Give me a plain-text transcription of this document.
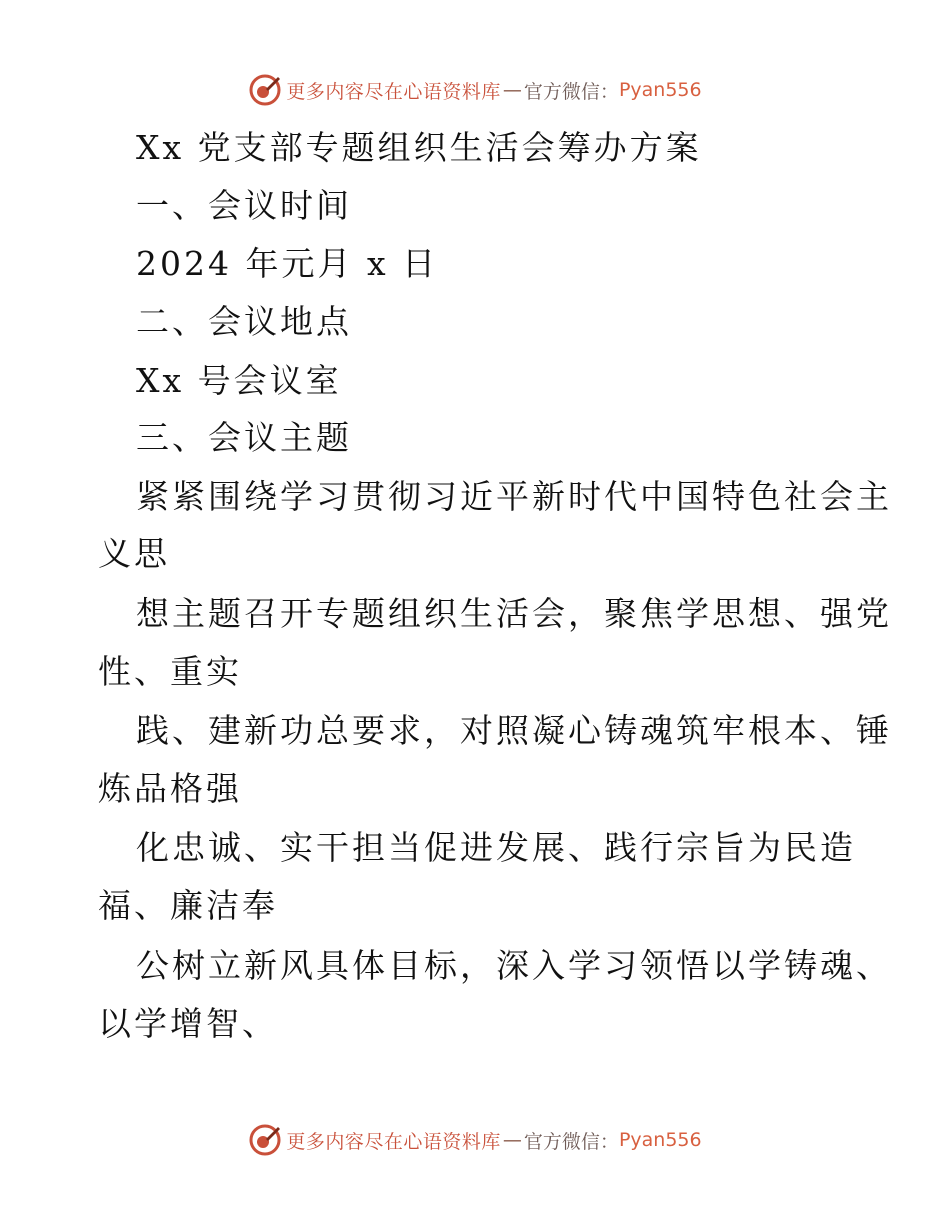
更多内容尽在心语资料库 — 官方微信： Pyan556
Xx 党支部专题组织生活会筹办方案
一、会议时间
2024 年元月 x 日
二、会议地点
Xx 号会议室
三、会议主题
紧紧围绕学习贯彻习近平新时代中国特色社会主
义思
想主题召开专题组织生活会，聚焦学思想、强党
性、重实
践、建新功总要求，对照凝心铸魂筑牢根本、锤
炼品格强
化忠诚、实干担当促进发展、践行宗旨为民造
福、廉洁奉
公树立新风具体目标，深入学习领悟以学铸魂、
以学增智、
更多内容尽在心语资料库 — 官方微信： Pyan556
